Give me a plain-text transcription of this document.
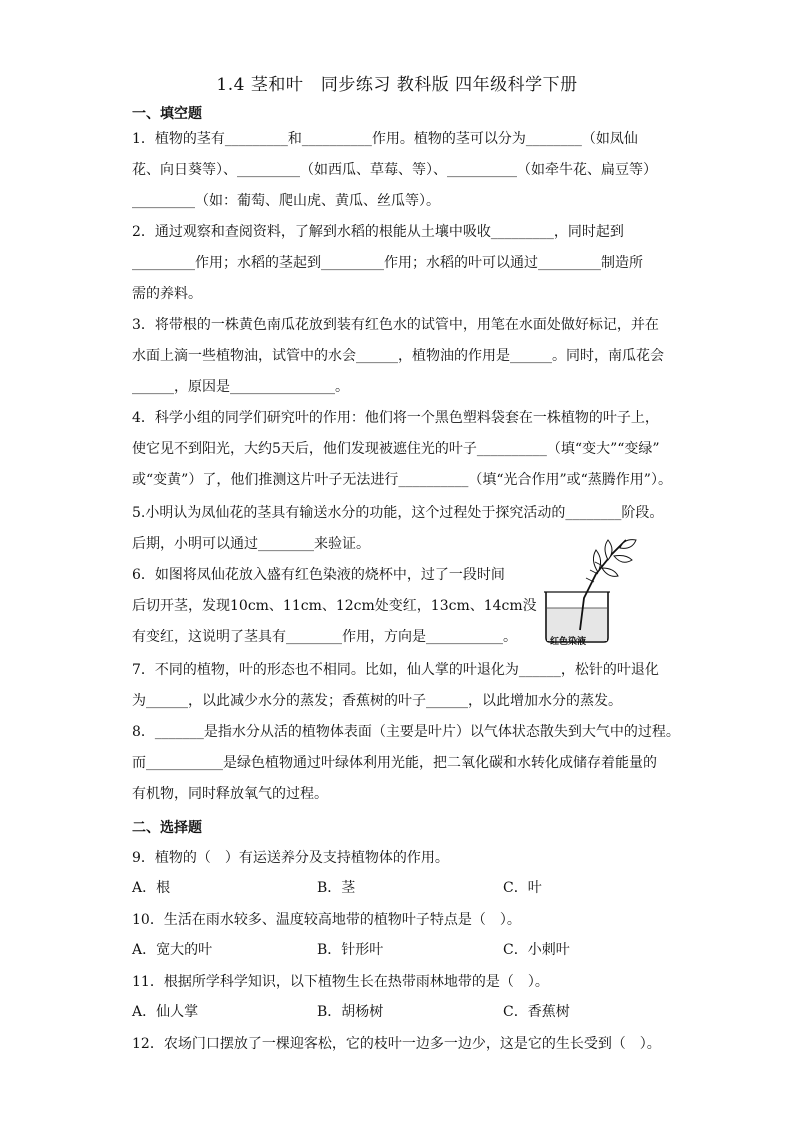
1.4 茎和叶　同步练习 教科版 四年级科学下册
一、填空题
1．植物的茎有_________和__________作用。植物的茎可以分为________（如凤仙
花、向日葵等）、_________（如西瓜、草莓、等）、__________（如牵牛花、扁豆等）
_________（如：葡萄、爬山虎、黄瓜、丝瓜等）。
2．通过观察和查阅资料，了解到水稻的根能从土壤中吸收_________，同时起到
_________作用；水稻的茎起到_________作用；水稻的叶可以通过_________制造所
需的养料。
3．将带根的一株黄色南瓜花放到装有红色水的试管中，用笔在水面处做好标记，并在
水面上滴一些植物油，试管中的水会______，植物油的作用是______。同时，南瓜花会
______，原因是_______________。
4．科学小组的同学们研究叶的作用：他们将一个黑色塑料袋套在一株植物的叶子上，
使它见不到阳光，大约5天后，他们发现被遮住光的叶子__________（填“变大”“变绿”
或“变黄”）了，他们推测这片叶子无法进行__________（填“光合作用”或“蒸腾作用”）。
5.小明认为凤仙花的茎具有输送水分的功能，这个过程处于探究活动的________阶段。
后期，小明可以通过________来验证。
6．如图将凤仙花放入盛有红色染液的烧杯中，过了一段时间
后切开茎，发现10cm、11cm、12cm处变红，13cm、14cm没
有变红，这说明了茎具有________作用，方向是___________。	红色染液
7．不同的植物，叶的形态也不相同。比如，仙人掌的叶退化为______，松针的叶退化
为______，以此减少水分的蒸发；香蕉树的叶子______，以此增加水分的蒸发。
8．_______是指水分从活的植物体表面（主要是叶片）以气体状态散失到大气中的过程。
而___________是绿色植物通过叶绿体利用光能，把二氧化碳和水转化成储存着能量的
有机物，同时释放氧气的过程。
二、选择题
9．植物的（　）有运送养分及支持植物体的作用。
A．根	B．茎	C．叶
10．生活在雨水较多、温度较高地带的植物叶子特点是（　）。
A．宽大的叶	B．针形叶	C．小刺叶
11．根据所学科学知识，以下植物生长在热带雨林地带的是（　）。
A．仙人掌	B．胡杨树	C．香蕉树
12．农场门口摆放了一棵迎客松，它的枝叶一边多一边少，这是它的生长受到（　）。
